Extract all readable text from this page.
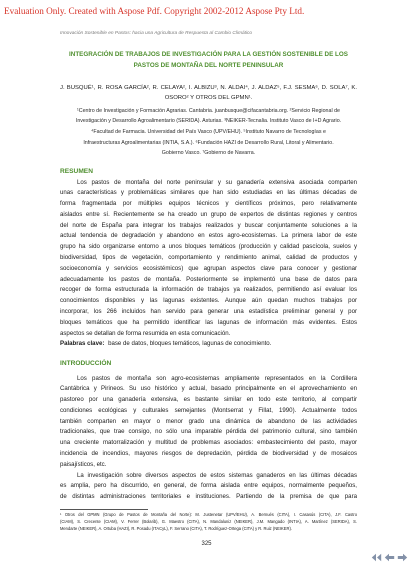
Evaluation Only. Created with Aspose Pdf. Copyright 2002-2012 Aspose Pty Ltd.
Innovación Sostenible en Pastos: hacia una Agricultura de Respuesta al Cambio Climático
INTEGRACIÓN DE TRABAJOS DE INVESTIGACIÓN PARA LA GESTIÓN SOSTENIBLE DE LOS
PASTOS DE MONTAÑA DEL NORTE PENINSULAR
J. BUSQUÉ¹, R. ROSA GARCÍA², R. CELAYA², I. ALBIZU³, N. ALDAI⁴, J. ALDAZ⁵, F.J. SESMA⁶, D. SOLA⁷, K.
OSORO² Y OTROS DEL GPMN¹.
¹Centro de Investigación y Formación Agrarias. Cantabria. juanbusque@cifacantabria.org. ²Servicio Regional de
Investigación y Desarrollo Agroalimentario (SERIDA). Asturias. ³NEIKER-Tecnalia. Instituto Vasco de I+D Agrario.
⁴Facultad de Farmacia. Universidad del País Vasco (UPV/EHU). ⁵Instituto Navarro de Tecnologías e
Infraestructuras Agroalimentarias (INTIA, S.A.). ⁶Fundación HAZI de Desarrollo Rural, Litoral y Alimentario.
Gobierno Vasco. ⁷Gobierno de Navarra.
RESUMEN
Los pastos de montaña del norte peninsular y su ganadería extensiva asociada comparten
unas características y problemáticas similares que han sido estudiadas en las últimas décadas de
forma fragmentada por múltiples equipos técnicos y científicos próximos, pero relativamente
aislados entre sí. Recientemente se ha creado un grupo de expertos de distintas regiones y centros
del norte de España para integrar los trabajos realizados y buscar conjuntamente soluciones a la
actual tendencia de degradación y abandono en estos agro-ecosistemas. La primera labor de este
grupo ha sido organizarse entorno a unos bloques temáticos (producción y calidad pascícola, suelos y
biodiversidad, tipos de vegetación, comportamiento y rendimiento animal, calidad de productos y
socioeconomía y servicios ecosistémicos) que agrupan aspectos clave para conocer y gestionar
adecuadamente los pastos de montaña. Posteriormente se implementó una base de datos para
recoger de forma estructurada la información de trabajos ya realizados, permitiendo así evaluar los
conocimientos disponibles y las lagunas existentes. Aunque aún quedan muchos trabajos por
incorporar, los 266 incluidos han servido para generar una estadística preliminar general y por
bloques temáticos que ha permitido identificar las lagunas de información más evidentes. Estos
aspectos se detallan de forma resumida en esta comunicación.
Palabras clave: base de datos, bloques temáticos, lagunas de conocimiento.
INTRODUCCIÓN
Los pastos de montaña son agro-ecosistemas ampliamente representados en la Cordillera
Cantábrica y Pirineos. Su uso histórico y actual, basado principalmente en el aprovechamiento en
pastoreo por una ganadería extensiva, es bastante similar en todo este territorio, al compartir
condiciones ecológicas y culturales semejantes (Montserrat y Fillat, 1990). Actualmente todos
también comparten en mayor o menor grado una dinámica de abandono de las actividades
tradicionales, que trae consigo, no sólo una imparable pérdida del patrimonio cultural, sino también
una creciente matorralización y multitud de problemas asociados: embastecimiento del pasto, mayor
incidencia de incendios, mayores riesgos de depredación, pérdida de biodiversidad y de mosaicos
paisajísticos, etc.
La investigación sobre diversos aspectos de estos sistemas ganaderos en las últimas décadas
es amplia, pero ha discurrido, en general, de forma aislada entre equipos, normalmente pequeños,
de distintas administraciones territoriales e instituciones. Partiendo de la premisa de que para
¹ Otros del GPMN (Grupo de Pastos de Montaña del Norte): M. Justenetar (UPV/EHU), A. Bernués (CITA), I. Casasús (CITA), J.F. Castro
(CIAM), S. Crecente (CIAM), V. Ferrer (Bolarib), G. Maestro (CITA), N. Mandaluniz (NEIKER), J.M. Mangado (INTIA), A. Martínez (SERIDA), S.
Mendarte (NEIKER), A. Ortuba (HAZI), R. Posadu (ITACyL), F. Serrano (CITA), T. Rodríguez-Ortega (CITA) y R. Ruiz (NEIKER).
325
